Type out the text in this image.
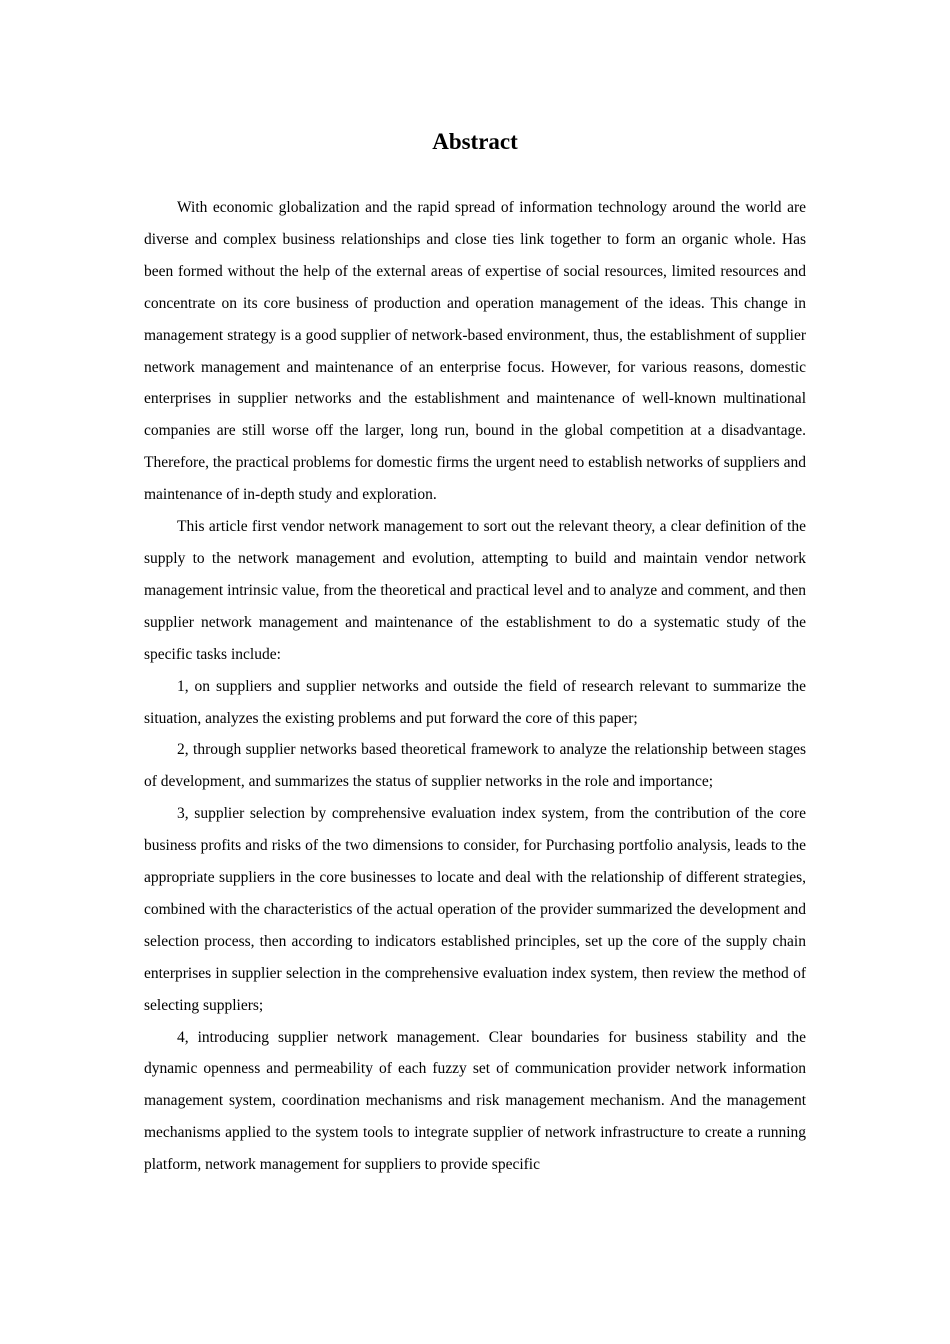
Abstract

With economic globalization and the rapid spread of information technology around the world are diverse and complex business relationships and close ties link together to form an organic whole. Has been formed without the help of the external areas of expertise of social resources, limited resources and concentrate on its core business of production and operation management of the ideas. This change in management strategy is a good supplier of network-based environment, thus, the establishment of supplier network management and maintenance of an enterprise focus. However, for various reasons, domestic enterprises in supplier networks and the establishment and maintenance of well-known multinational companies are still worse off the larger, long run, bound in the global competition at a disadvantage. Therefore, the practical problems for domestic firms the urgent need to establish networks of suppliers and maintenance of in-depth study and exploration.

This article first vendor network management to sort out the relevant theory, a clear definition of the supply to the network management and evolution, attempting to build and maintain vendor network management intrinsic value, from the theoretical and practical level and to analyze and comment, and then supplier network management and maintenance of the establishment to do a systematic study of the specific tasks include:

1, on suppliers and supplier networks and outside the field of research relevant to summarize the situation, analyzes the existing problems and put forward the core of this paper;

2, through supplier networks based theoretical framework to analyze the relationship between stages of development, and summarizes the status of supplier networks in the role and importance;

3, supplier selection by comprehensive evaluation index system, from the contribution of the core business profits and risks of the two dimensions to consider, for Purchasing portfolio analysis, leads to the appropriate suppliers in the core businesses to locate and deal with the relationship of different strategies, combined with the characteristics of the actual operation of the provider summarized the development and selection process, then according to indicators established principles, set up the core of the supply chain enterprises in supplier selection in the comprehensive evaluation index system, then review the method of selecting suppliers;

4, introducing supplier network management. Clear boundaries for business stability and the dynamic openness and permeability of each fuzzy set of communication provider network information management system, coordination mechanisms and risk management mechanism. And the management mechanisms applied to the system tools to integrate supplier of network infrastructure to create a running platform, network management for suppliers to provide specific
